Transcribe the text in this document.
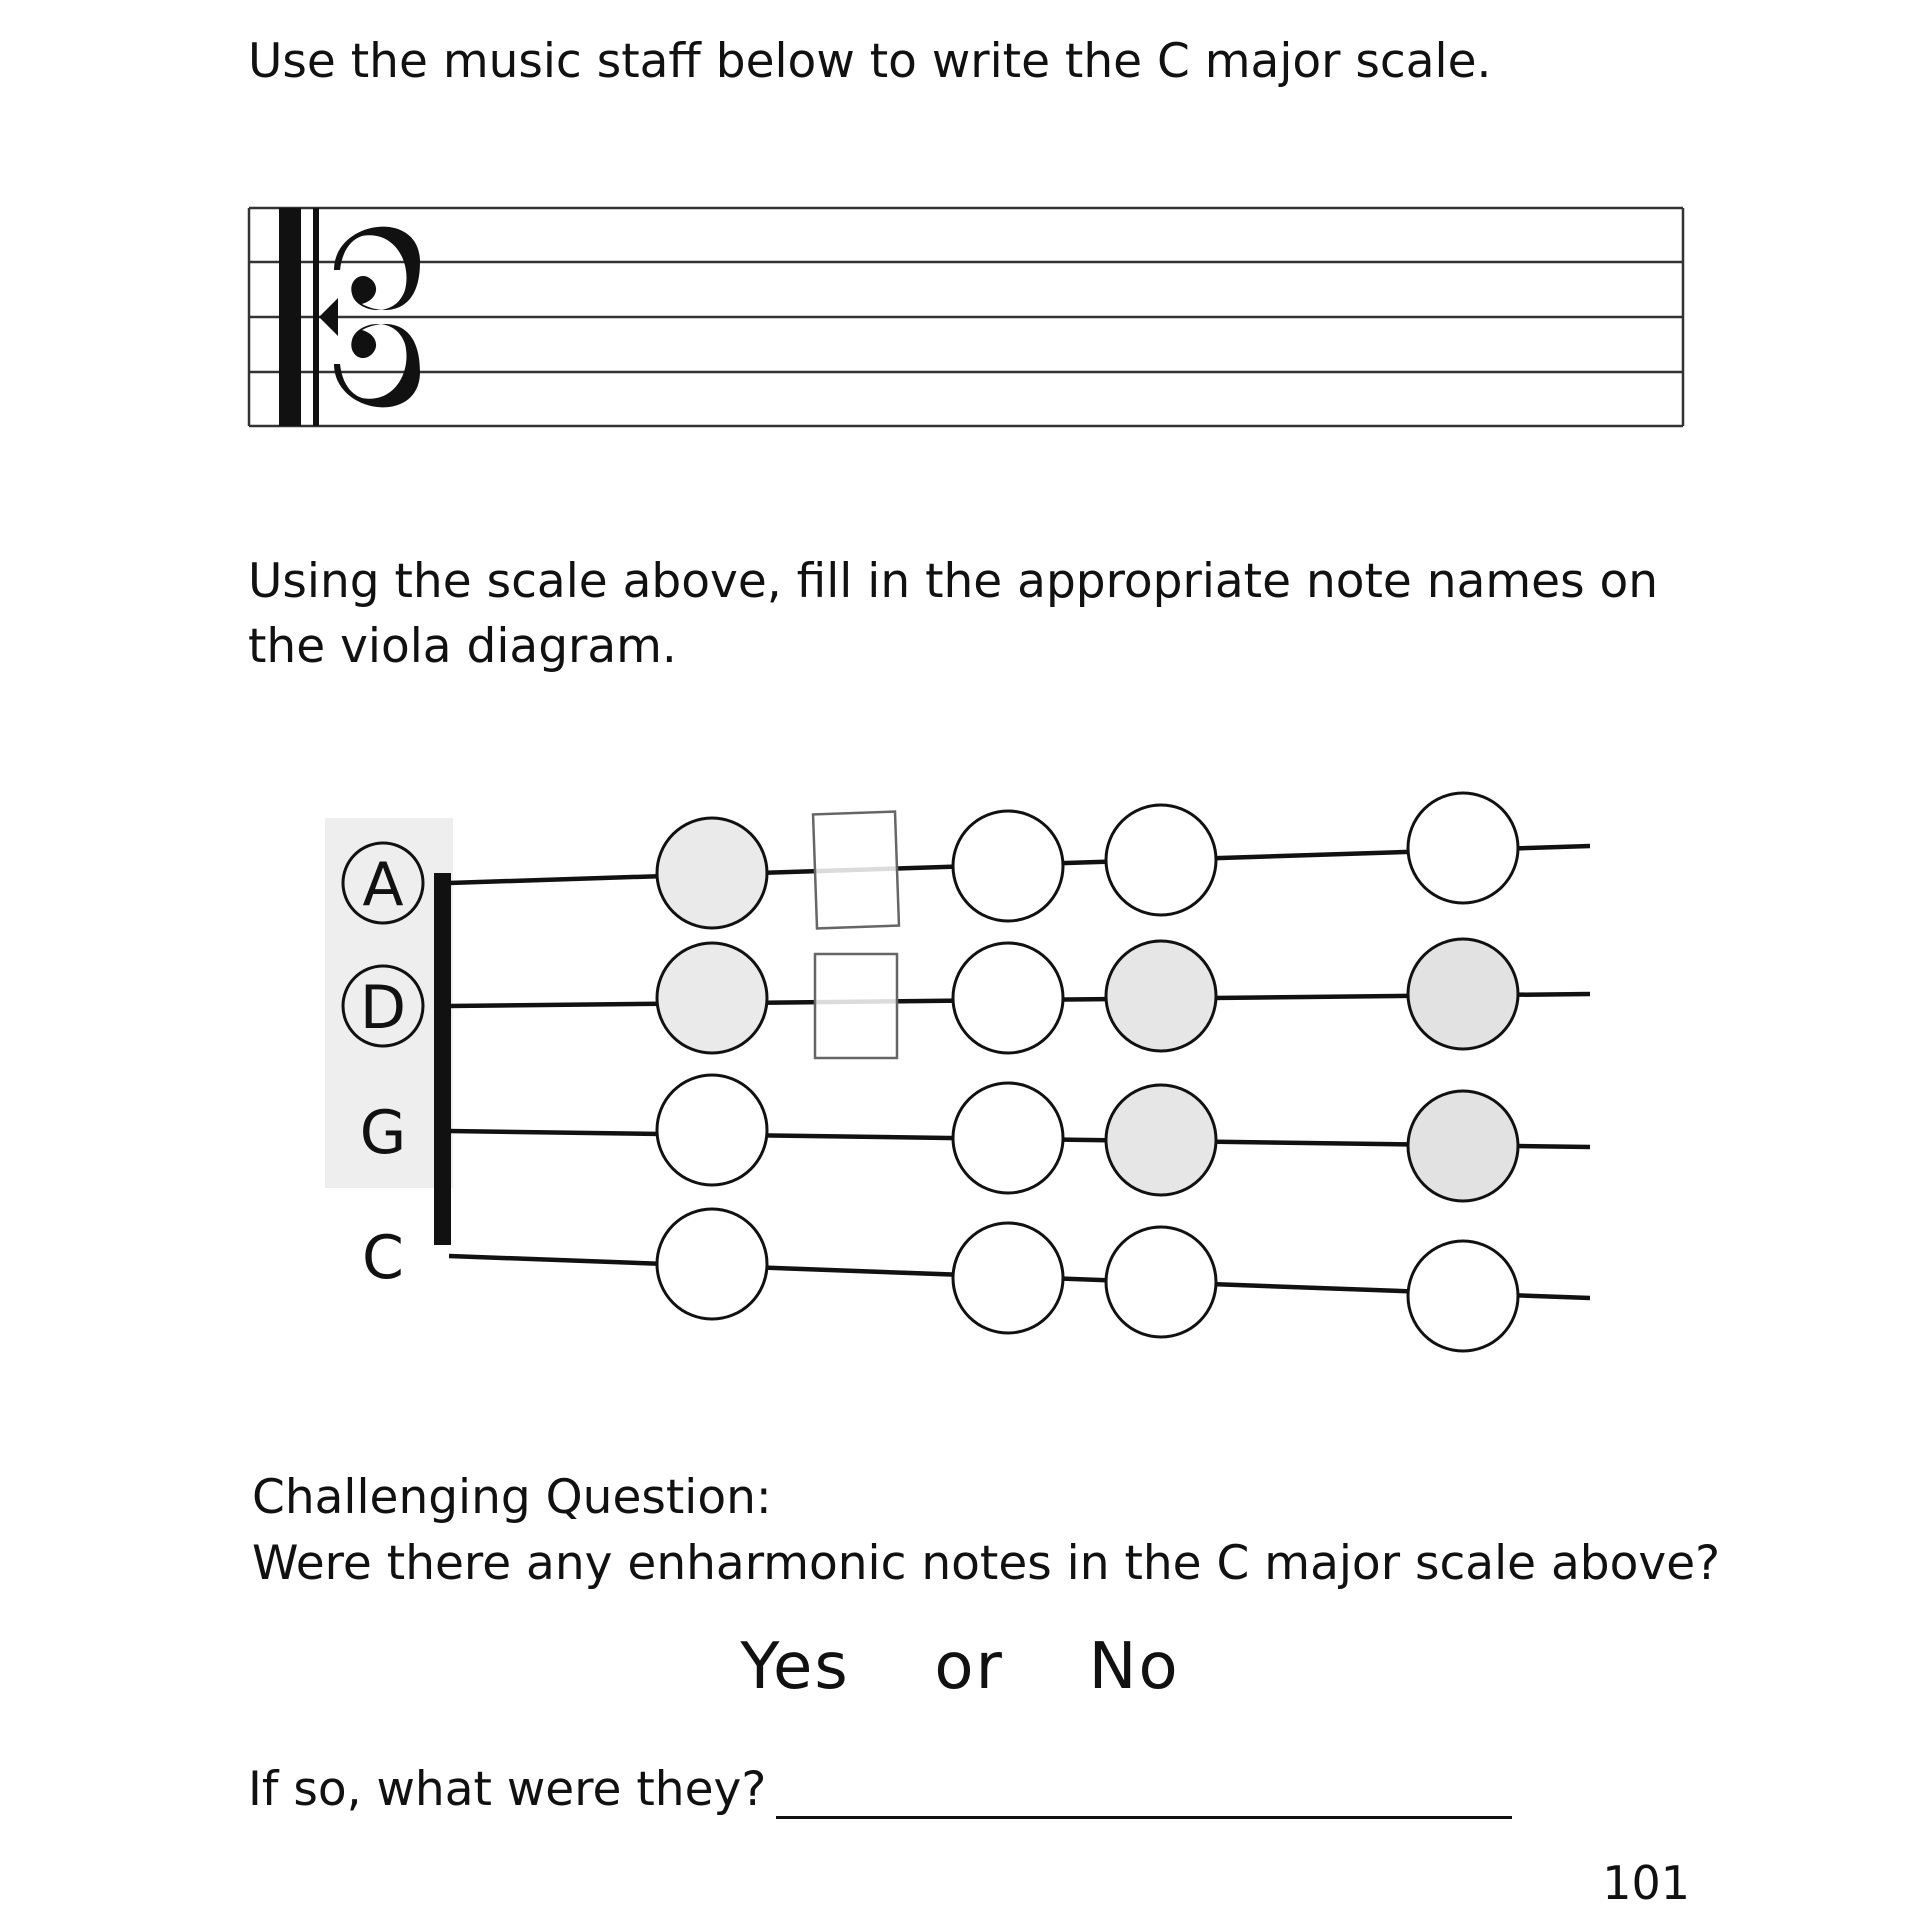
Use the music staff below to write the C major scale.

Using the scale above, fill in the appropriate note names on the viola diagram.

A
D
G
C

Challenging Question:

Were there any enharmonic notes in the C major scale above?

Yes or No

If so, what were they?

101
